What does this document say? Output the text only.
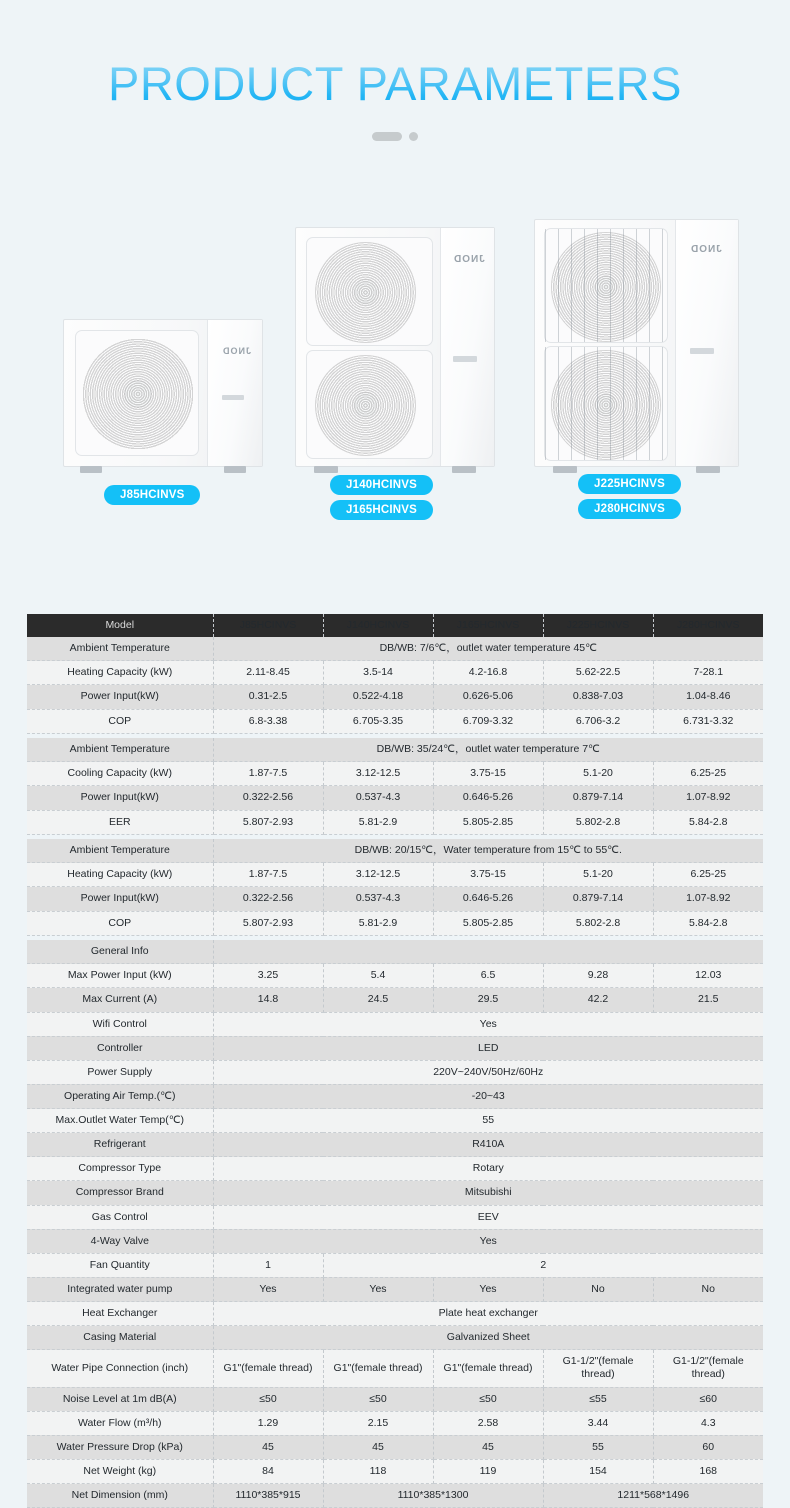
PRODUCT PARAMETERS
JNOD
JNOD
JNOD
J85HCINVS
J140HCINVS
J165HCINVS
J225HCINVS
J280HCINVS
Model	J85HCINVS	J140HCINVS	J165HCINVS	J225HCINVS	J280HCINVS
Ambient Temperature	DB/WB: 7/6℃，outlet water temperature 45℃				
Heating Capacity (kW)	2.11-8.45	3.5-14	4.2-16.8	5.62-22.5	7-28.1
Power Input(kW)	0.31-2.5	0.522-4.18	0.626-5.06	0.838-7.03	1.04-8.46
COP	6.8-3.38	6.705-3.35	6.709-3.32	6.706-3.2	6.731-3.32

Ambient Temperature	DB/WB: 35/24℃，outlet water temperature 7℃				
Cooling Capacity (kW)	1.87-7.5	3.12-12.5	3.75-15	5.1-20	6.25-25
Power Input(kW)	0.322-2.56	0.537-4.3	0.646-5.26	0.879-7.14	1.07-8.92
EER	5.807-2.93	5.81-2.9	5.805-2.85	5.802-2.8	5.84-2.8

Ambient Temperature	DB/WB: 20/15℃，Water temperature from 15℃ to 55℃.				
Heating Capacity (kW)	1.87-7.5	3.12-12.5	3.75-15	5.1-20	6.25-25
Power Input(kW)	0.322-2.56	0.537-4.3	0.646-5.26	0.879-7.14	1.07-8.92
COP	5.807-2.93	5.81-2.9	5.805-2.85	5.802-2.8	5.84-2.8

General Info					
Max Power Input (kW)	3.25	5.4	6.5	9.28	12.03
Max Current (A)	14.8	24.5	29.5	42.2	21.5
Wifi Control	Yes				
Controller	LED				
Power Supply	220V~240V/50Hz/60Hz				
Operating Air Temp.(℃)	-20~43				
Max.Outlet Water Temp(℃)	55				
Refrigerant	R410A				
Compressor Type	Rotary				
Compressor Brand	Mitsubishi				
Gas Control	EEV				
4-Way Valve	Yes				
Fan Quantity	1	2			
Integrated water pump	Yes	Yes	Yes	No	No
Heat Exchanger	Plate heat exchanger				
Casing Material	Galvanized Sheet				
Water Pipe Connection (inch)	G1"(female thread)	G1"(female thread)	G1"(female thread)	G1-1/2"(female thread)	G1-1/2"(female thread)
Noise Level at 1m dB(A)	≤50	≤50	≤50	≤55	≤60
Water Flow (m³/h)	1.29	2.15	2.58	3.44	4.3
Water Pressure Drop (kPa)	45	45	45	55	60
Net Weight (kg)	84	118	119	154	168
Net Dimension (mm)	1110*385*915	1110*385*1300		1211*568*1496	
